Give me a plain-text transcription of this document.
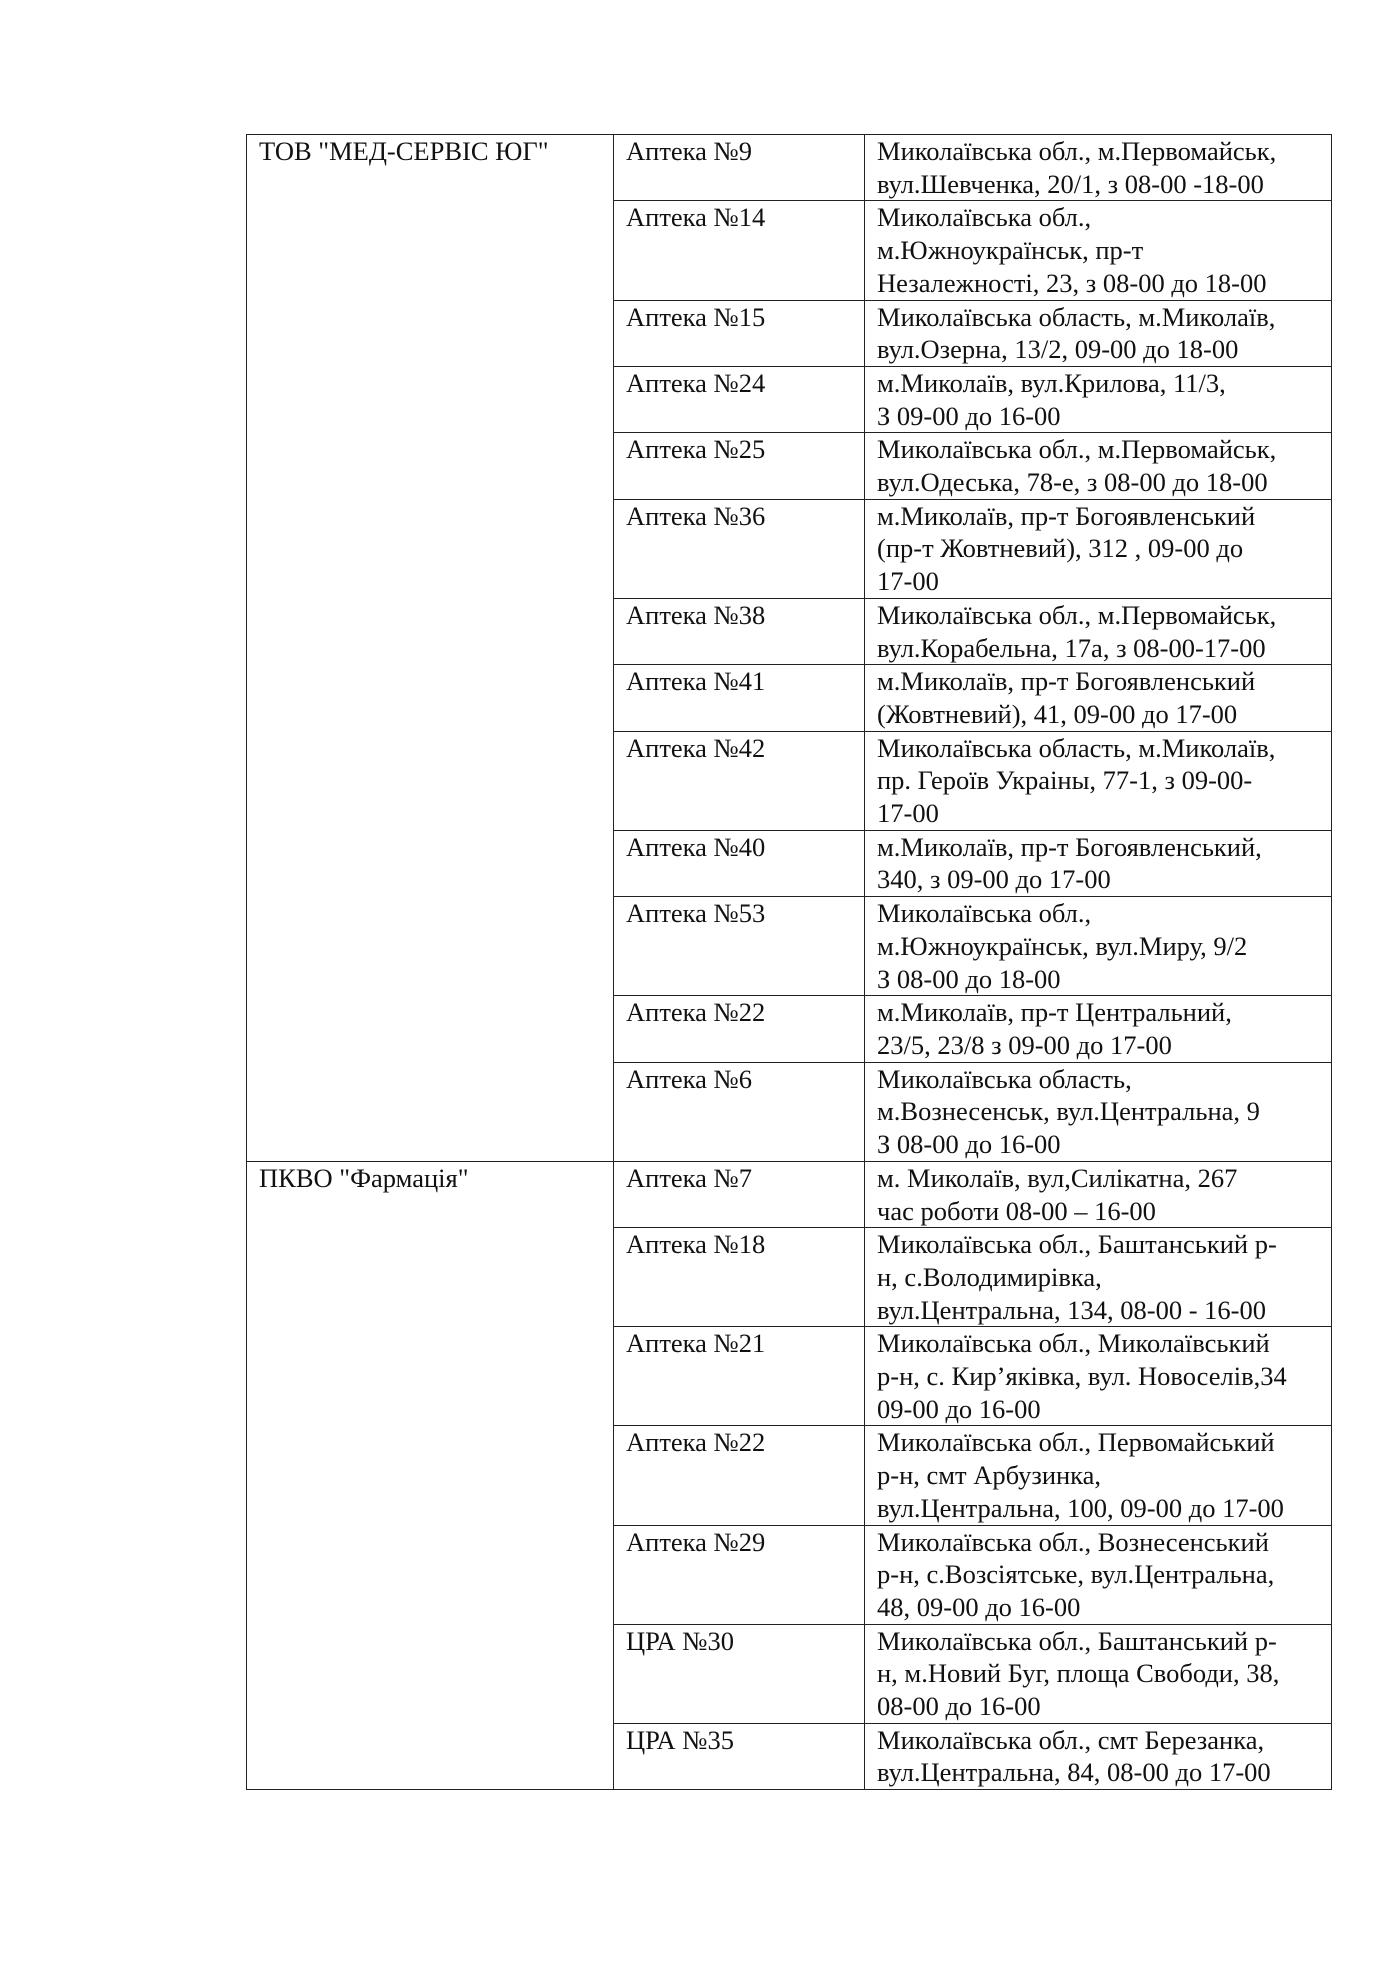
ТОВ "МЕД-СЕРВІС ЮГ"	Аптека №9	Миколаївська обл., м.Первомайськ,
вул.Шевченка, 20/1, з 08-00 -18-00
	Аптека №14	Миколаївська обл.,
м.Южноукраїнськ, пр-т
Незалежності, 23, з 08-00 до 18-00
	Аптека №15	Миколаївська область, м.Миколаїв,
вул.Озерна, 13/2, 09-00 до 18-00
	Аптека №24	м.Миколаїв, вул.Крилова, 11/3,
З 09-00 до 16-00
	Аптека №25	Миколаївська обл., м.Первомайськ,
вул.Одеська, 78-е, з 08-00 до 18-00
	Аптека №36	м.Миколаїв, пр-т Богоявленський
(пр-т Жовтневий), 312 , 09-00 до
17-00
	Аптека №38	Миколаївська обл., м.Первомайськ,
вул.Корабельна, 17а, з 08-00-17-00
	Аптека №41	м.Миколаїв, пр-т Богоявленський
(Жовтневий), 41, 09-00 до 17-00
	Аптека №42	Миколаївська область, м.Миколаїв,
пр. Героїв Украіны, 77-1, з 09-00-
17-00
	Аптека №40	м.Миколаїв, пр-т Богоявленський,
340, з 09-00 до 17-00
	Аптека №53	Миколаївська обл.,
м.Южноукраїнськ, вул.Миру, 9/2
З 08-00 до 18-00
	Аптека №22	м.Миколаїв, пр-т Центральний,
23/5, 23/8 з 09-00 до 17-00
	Аптека №6	Миколаївська область,
м.Вознесенськ, вул.Центральна, 9
З 08-00 до 16-00
ПКВО "Фармація"	Аптека №7	м. Миколаїв, вул,Силікатна, 267
час роботи 08-00 – 16-00
	Аптека №18	Миколаївська обл., Баштанський р-
н, с.Володимирівка,
вул.Центральна, 134, 08-00 - 16-00
	Аптека №21	Миколаївська обл., Миколаївський
р-н, с. Кир’яківка, вул. Новоселів,34
09-00 до 16-00
	Аптека №22	Миколаївська обл., Первомайський
р-н, смт Арбузинка,
вул.Центральна, 100, 09-00 до 17-00
	Аптека №29	Миколаївська обл., Вознесенський
р-н, с.Возсіятське, вул.Центральна,
48, 09-00 до 16-00
	ЦРА №30	Миколаївська обл., Баштанський р-
н, м.Новий Буг, площа Свободи, 38,
08-00 до 16-00
	ЦРА №35	Миколаївська обл., смт Березанка,
вул.Центральна, 84, 08-00 до 17-00
